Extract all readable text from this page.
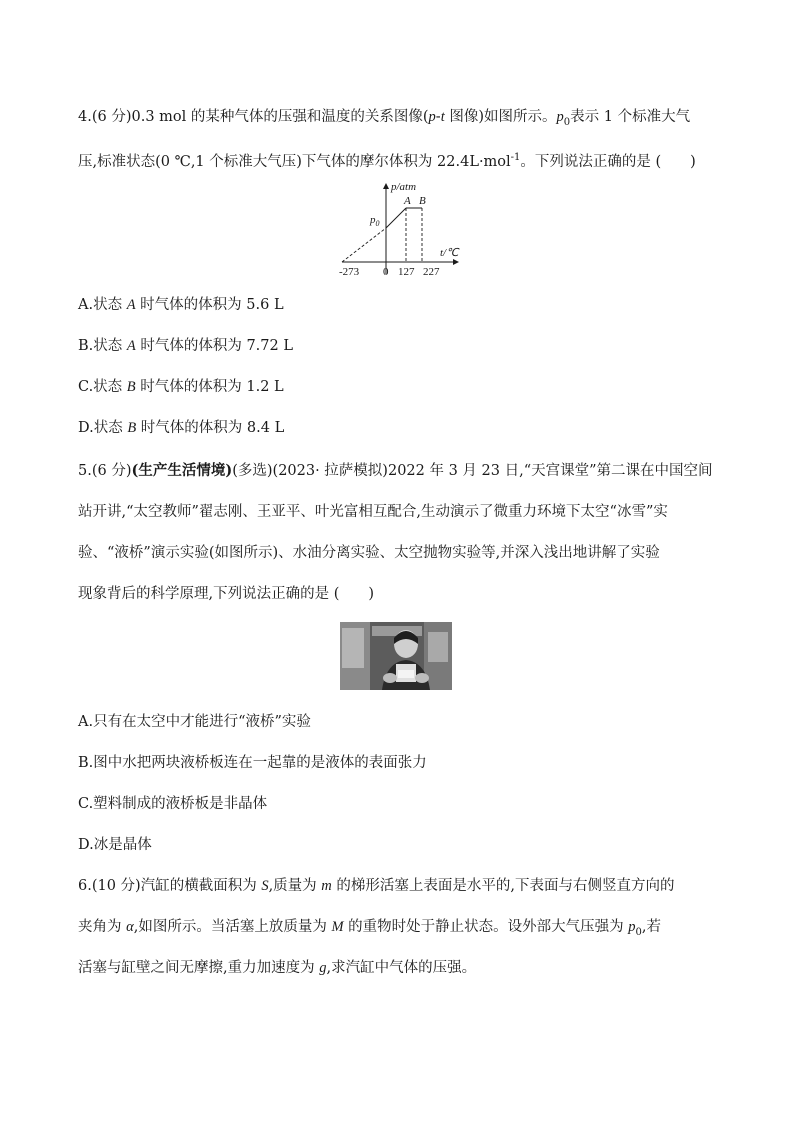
4.(6 分)0.3 mol 的某种气体的压强和温度的关系图像(p-t 图像)如图所示。$p_0$表示 1 个标准大气
压,标准状态(0 ℃,1 个标准大气压)下气体的摩尔体积为 22.4L·mol$^{-1}$。下列说法正确的是 (　　)
p/atm
t/℃
$p_0$
A B
-273 0 127 227
A.状态 A 时气体的体积为 5.6 L
B.状态 A 时气体的体积为 7.72 L
C.状态 B 时气体的体积为 1.2 L
D.状态 B 时气体的体积为 8.4 L
5.(6 分)(生产生活情境)(多选)(2023· 拉萨模拟)2022 年 3 月 23 日,“天宫课堂”第二课在中国空间
站开讲,“太空教师”翟志刚、王亚平、叶光富相互配合,生动演示了微重力环境下太空“冰雪”实
验、“液桥”演示实验(如图所示)、水油分离实验、太空抛物实验等,并深入浅出地讲解了实验
现象背后的科学原理,下列说法正确的是 (　　)
A.只有在太空中才能进行“液桥”实验
B.图中水把两块液桥板连在一起靠的是液体的表面张力
C.塑料制成的液桥板是非晶体
D.冰是晶体
6.(10 分)汽缸的横截面积为 S,质量为 m 的梯形活塞上表面是水平的,下表面与右侧竖直方向的
夹角为 α,如图所示。当活塞上放质量为 M 的重物时处于静止状态。设外部大气压强为 $p_0$,若
活塞与缸壁之间无摩擦,重力加速度为 g,求汽缸中气体的压强。
